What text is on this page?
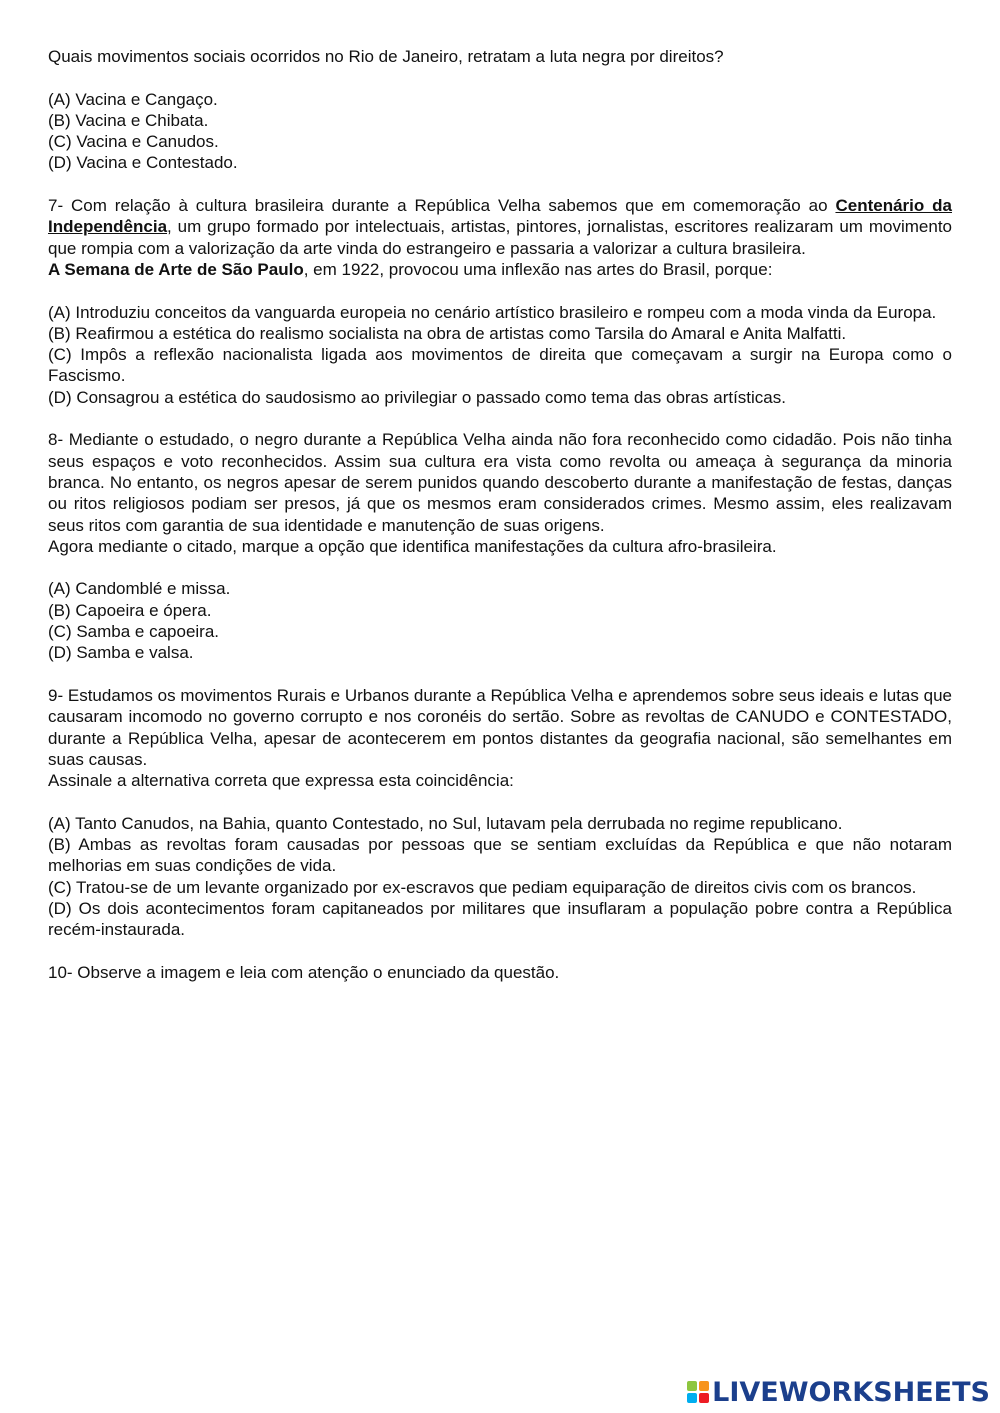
Quais movimentos sociais ocorridos no Rio de Janeiro, retratam a luta negra por direitos?

(A) Vacina e Cangaço.

(B) Vacina e Chibata.

(C) Vacina e Canudos.

(D) Vacina e Contestado.

7- Com relação à cultura brasileira durante a República Velha sabemos que em comemoração ao Centenário da Independência, um grupo formado por intelectuais, artistas, pintores, jornalistas, escritores realizaram um movimento que rompia com a valorização da arte vinda do estrangeiro e passaria a valorizar a cultura brasileira.

A Semana de Arte de São Paulo, em 1922, provocou uma inflexão nas artes do Brasil, porque:

(A) Introduziu conceitos da vanguarda europeia no cenário artístico brasileiro e rompeu com a moda vinda da Europa.

(B) Reafirmou a estética do realismo socialista na obra de artistas como Tarsila do Amaral e Anita Malfatti.

(C) Impôs a reflexão nacionalista ligada aos movimentos de direita que começavam a surgir na Europa como o Fascismo.

(D) Consagrou a estética do saudosismo ao privilegiar o passado como tema das obras artísticas.

8- Mediante o estudado, o negro durante a República Velha ainda não fora reconhecido como cidadão. Pois não tinha seus espaços e voto reconhecidos. Assim sua cultura era vista como revolta ou ameaça à segurança da minoria branca. No entanto, os negros apesar de serem punidos quando descoberto durante a manifestação de festas, danças ou ritos religiosos podiam ser presos, já que os mesmos eram considerados crimes. Mesmo assim, eles realizavam seus ritos com garantia de sua identidade e manutenção de suas origens.

Agora mediante o citado, marque a opção que identifica manifestações da cultura afro-brasileira.

(A) Candomblé e missa.

(B) Capoeira e ópera.

(C) Samba e capoeira.

(D) Samba e valsa.

9- Estudamos os movimentos Rurais e Urbanos durante a República Velha e aprendemos sobre seus ideais e lutas que causaram incomodo no governo corrupto e nos coronéis do sertão. Sobre as revoltas de CANUDO e CONTESTADO, durante a República Velha, apesar de acontecerem em pontos distantes da geografia nacional, são semelhantes em suas causas.

Assinale a alternativa correta que expressa esta coincidência:

(A) Tanto Canudos, na Bahia, quanto Contestado, no Sul, lutavam pela derrubada no regime republicano.

(B) Ambas as revoltas foram causadas por pessoas que se sentiam excluídas da República e que não notaram melhorias em suas condições de vida.

(C) Tratou-se de um levante organizado por ex-escravos que pediam equiparação de direitos civis com os brancos.

(D) Os dois acontecimentos foram capitaneados por militares que insuflaram a população pobre contra a República recém-instaurada.

10- Observe a imagem e leia com atenção o enunciado da questão.

LIVEWORKSHEETS
